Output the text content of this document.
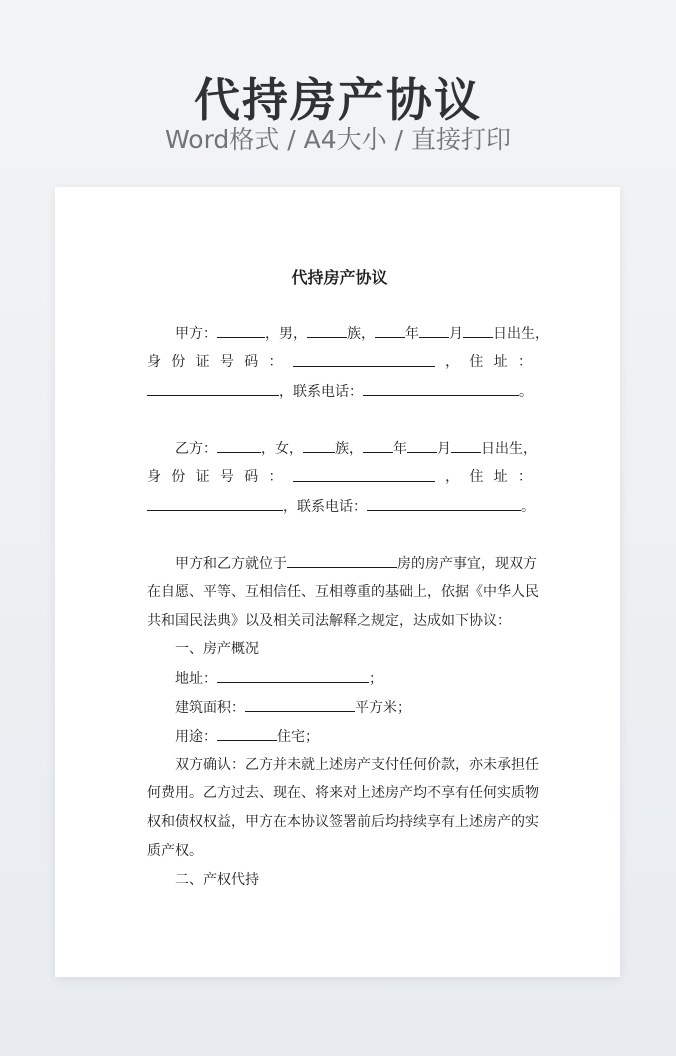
代持房产协议
Word格式 / A4大小 / 直接打印
代持房产协议
甲方：	，男，	族， 年 月 日出生，
身 份 证 号 码 ：	， 住 址 ：
，联系电话：	。
乙方：	，女， 族， 年 月 日出生，
身 份 证 号 码 ：	， 住 址 ：
，联系电话：	。
甲方和乙方就位于	房的房产事宜，现双方
在自愿、平等、互相信任、互相尊重的基础上，依据《中华人民
共和国民法典》以及相关司法解释之规定，达成如下协议：
一、房产概况
地址：	；
建筑面积：	平方米；
用途：	住宅；
双方确认：乙方并未就上述房产支付任何价款，亦未承担任
何费用。乙方过去、现在、将来对上述房产均不享有任何实质物
权和债权权益，甲方在本协议签署前后均持续享有上述房产的实
质产权。
二、产权代持
